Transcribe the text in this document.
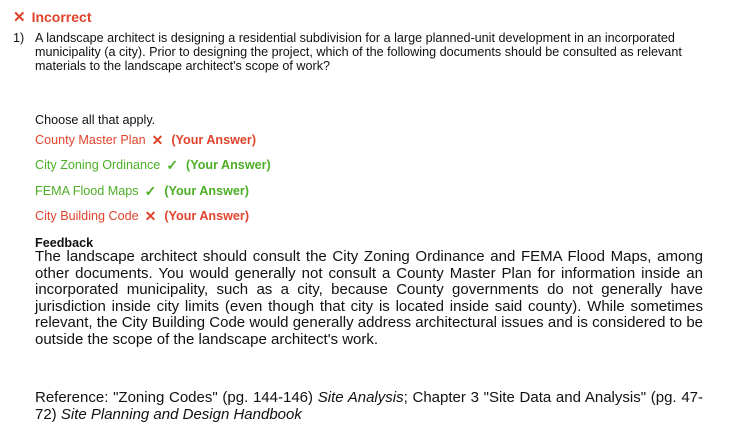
✕ Incorrect
1) A landscape architect is designing a residential subdivision for a large planned-unit development in an incorporated municipality (a city). Prior to designing the project, which of the following documents should be consulted as relevant materials to the landscape architect's scope of work?
Choose all that apply.
County Master Plan ✕ (Your Answer)
City Zoning Ordinance ✓ (Your Answer)
FEMA Flood Maps ✓ (Your Answer)
City Building Code ✕ (Your Answer)
Feedback
The landscape architect should consult the City Zoning Ordinance and FEMA Flood Maps, among other documents. You would generally not consult a County Master Plan for information inside an incorporated municipality, such as a city, because County governments do not generally have jurisdiction inside city limits (even though that city is located inside said county). While sometimes relevant, the City Building Code would generally address architectural issues and is considered to be outside the scope of the landscape architect's work.
Reference: "Zoning Codes" (pg. 144-146) Site Analysis; Chapter 3 "Site Data and Analysis" (pg. 47-72) Site Planning and Design Handbook
